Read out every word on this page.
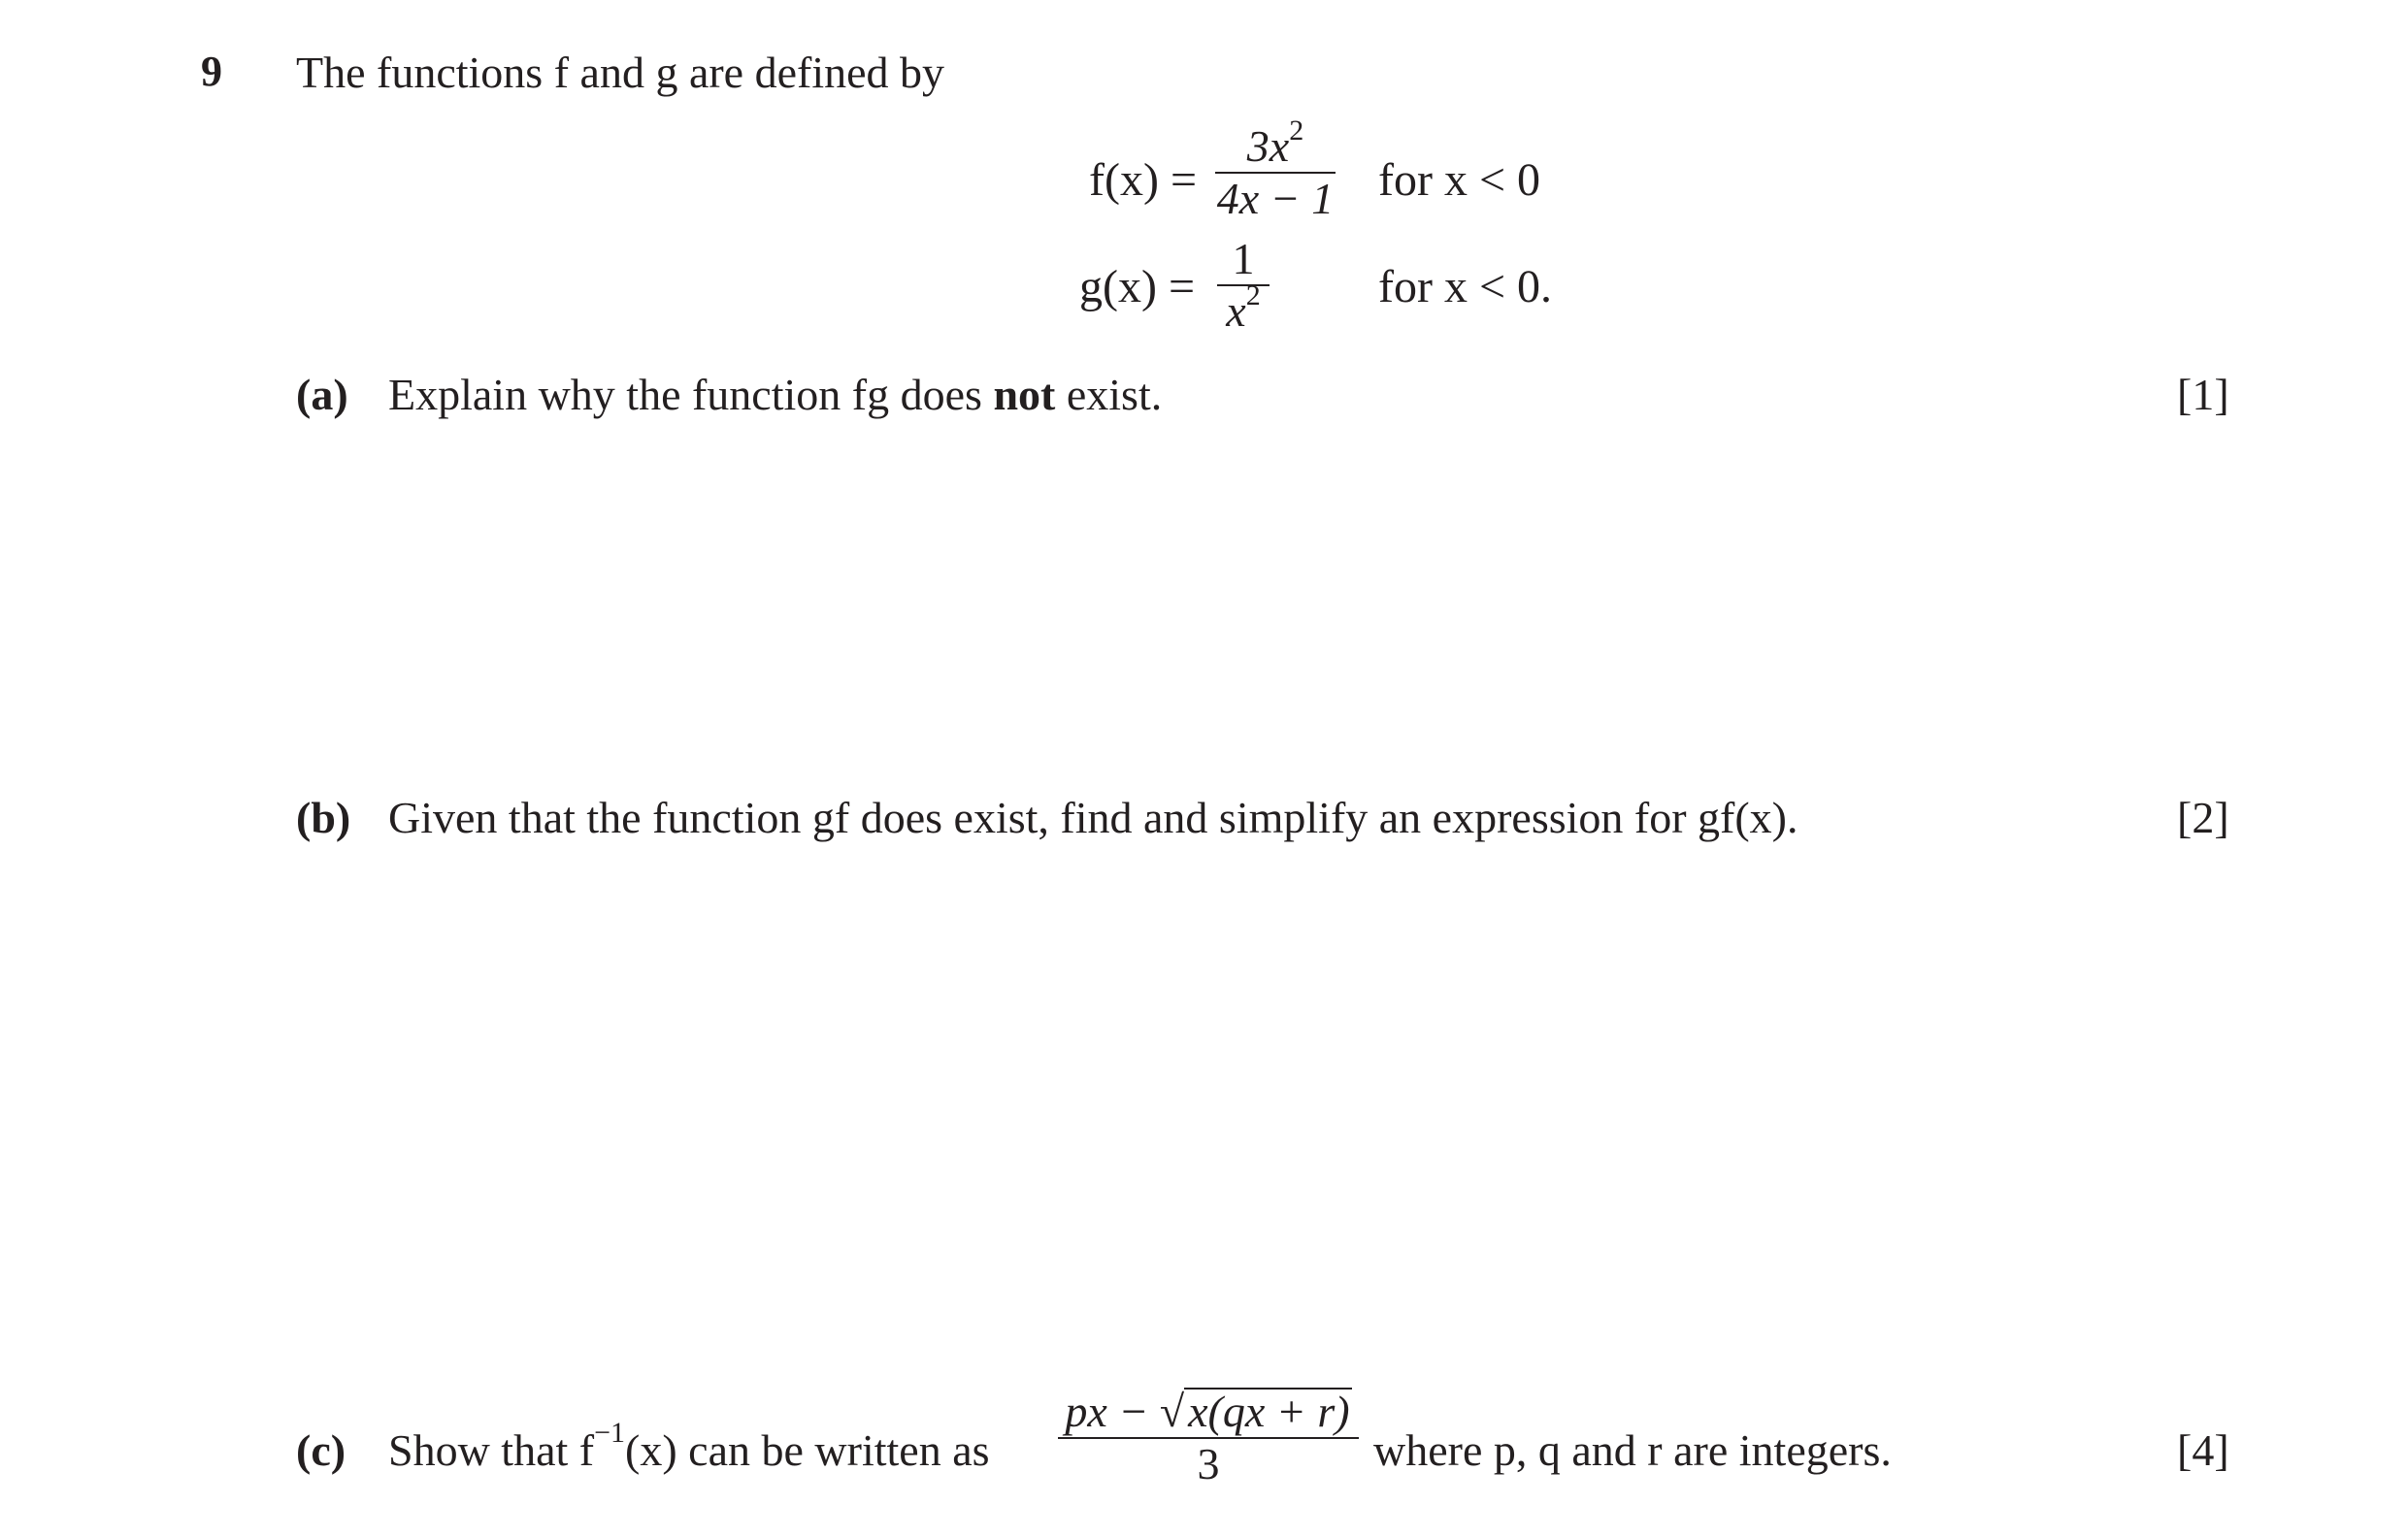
9 The functions f and g are defined by
f(x) =
$3x^2$
4x − 1 for x < 0
g(x) =
1
$x^2$	for x < 0.
(a) Explain why the function fg does not exist.	[1]
(b) Given that the function gf does exist, find and simplify an expression for gf(x).	[2]
(c) Show that $f^{-1}(x)$ can be written as
px − √x(qx + r)
3	where p, q and r are integers.	[4]
